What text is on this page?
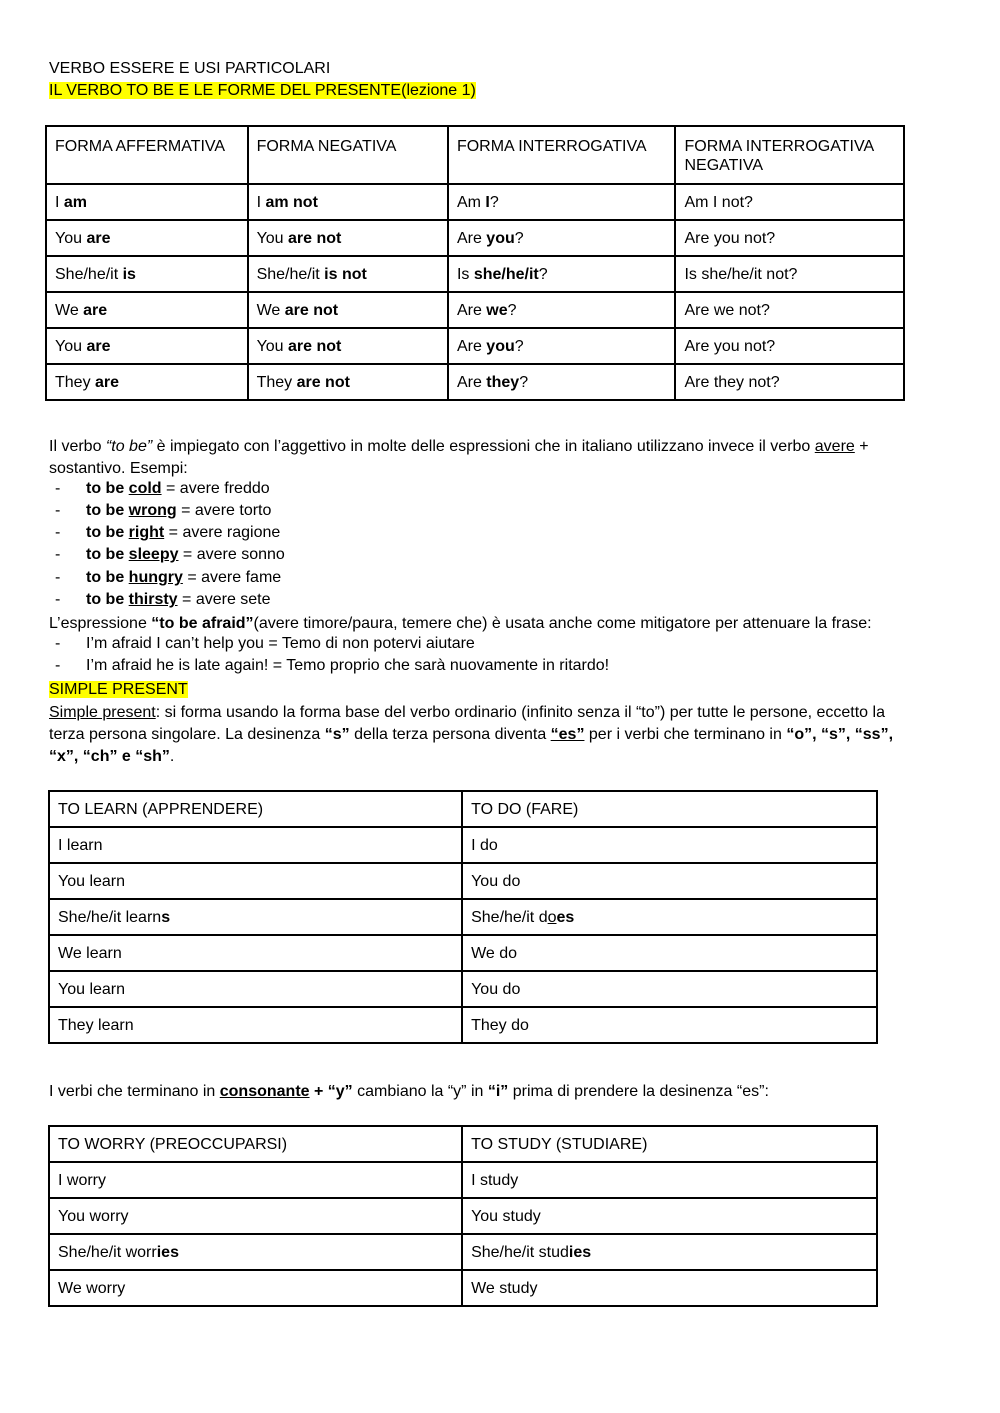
VERBO ESSERE E USI PARTICOLARI
IL VERBO TO BE E LE FORME DEL PRESENTE(lezione 1)
FORMA AFFERMATIVA	FORMA NEGATIVA	FORMA INTERROGATIVA	FORMA INTERROGATIVA NEGATIVA
I am	I am not	Am I?	Am I not?
You are	You are not	Are you?	Are you not?
She/he/it is	She/he/it is not	Is she/he/it?	Is she/he/it not?
We are	We are not	Are we?	Are we not?
You are	You are not	Are you?	Are you not?
They are	They are not	Are they?	Are they not?
Il verbo “to be” è impiegato con l’aggettivo in molte delle espressioni che in italiano utilizzano invece il verbo avere +
sostantivo. Esempi:
- to be cold = avere freddo
- to be wrong = avere torto
- to be right = avere ragione
- to be sleepy = avere sonno
- to be hungry = avere fame
- to be thirsty = avere sete
L’espressione “to be afraid”(avere timore/paura, temere che) è usata anche come mitigatore per attenuare la frase:
- I’m afraid I can’t help you = Temo di non potervi aiutare
- I’m afraid he is late again! = Temo proprio che sarà nuovamente in ritardo!
SIMPLE PRESENT
Simple present: si forma usando la forma base del verbo ordinario (infinito senza il “to”) per tutte le persone, eccetto la
terza persona singolare. La desinenza “s” della terza persona diventa “es” per i verbi che terminano in “o”, “s”, “ss”,
“x”, “ch” e “sh”.
TO LEARN (APPRENDERE)	TO DO (FARE)
I learn	I do
You learn	You do
She/he/it learns	She/he/it does
We learn	We do
You learn	You do
They learn	They do
I verbi che terminano in consonante + “y” cambiano la “y” in “i” prima di prendere la desinenza “es”:
TO WORRY (PREOCCUPARSI)	TO STUDY (STUDIARE)
I worry	I study
You worry	You study
She/he/it worries	She/he/it studies
We worry	We study
